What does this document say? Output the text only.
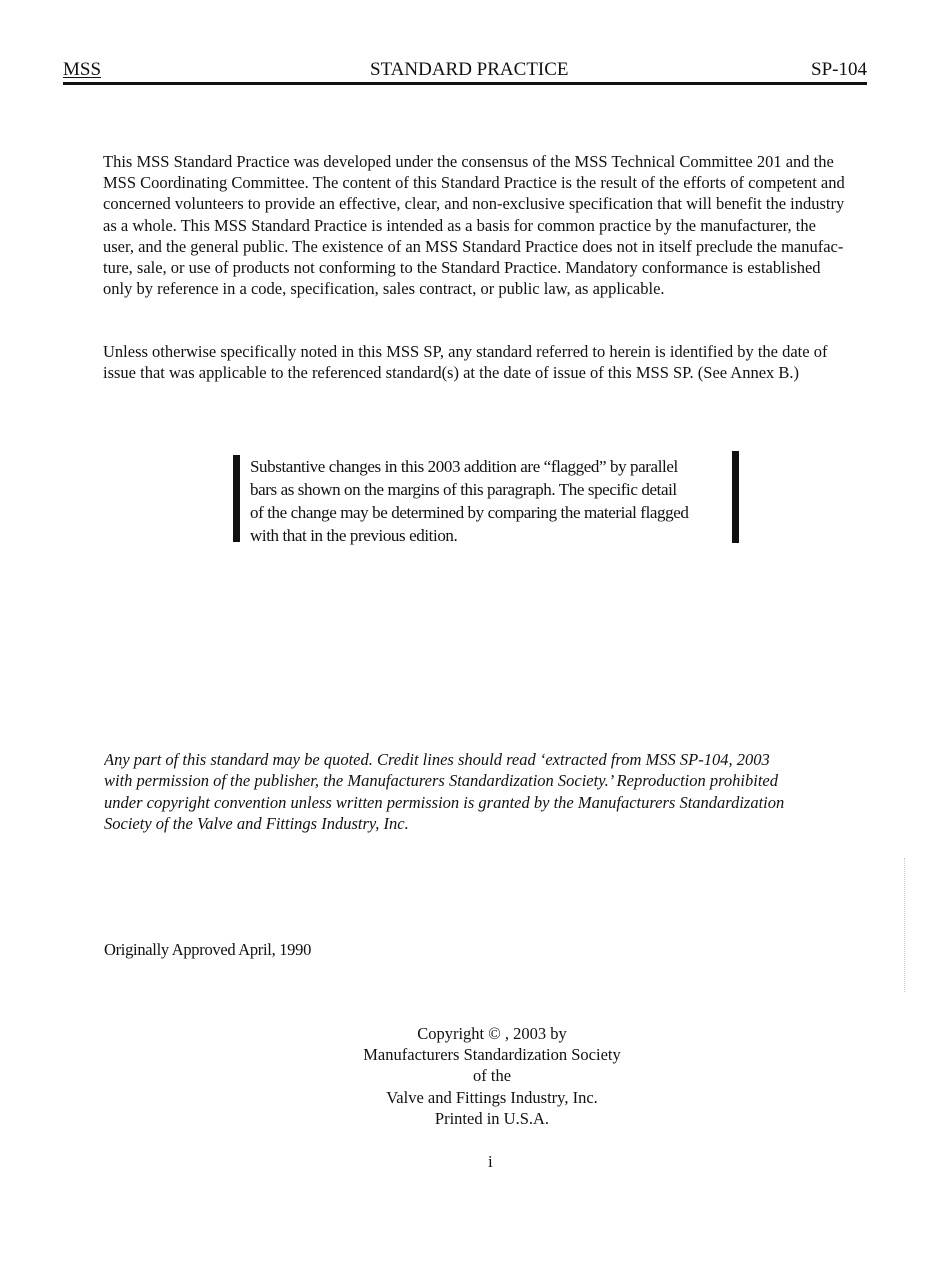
MSS	STANDARD PRACTICE	SP-104
This MSS Standard Practice was developed under the consensus of the MSS Technical Committee 201 and the
MSS Coordinating Committee. The content of this Standard Practice is the result of the efforts of competent and
concerned volunteers to provide an effective, clear, and non-exclusive specification that will benefit the industry
as a whole. This MSS Standard Practice is intended as a basis for common practice by the manufacturer, the
user, and the general public. The existence of an MSS Standard Practice does not in itself preclude the manufac-
ture, sale, or use of products not conforming to the Standard Practice. Mandatory conformance is established
only by reference in a code, specification, sales contract, or public law, as applicable.
Unless otherwise specifically noted in this MSS SP, any standard referred to herein is identified by the date of
issue that was applicable to the referenced standard(s) at the date of issue of this MSS SP. (See Annex B.)
Substantive changes in this 2003 addition are “flagged” by parallel
bars as shown on the margins of this paragraph. The specific detail
of the change may be determined by comparing the material flagged
with that in the previous edition.
Any part of this standard may be quoted. Credit lines should read ‘extracted from MSS SP-104, 2003
with permission of the publisher, the Manufacturers Standardization Society.’ Reproduction prohibited
under copyright convention unless written permission is granted by the Manufacturers Standardization
Society of the Valve and Fittings Industry, Inc.
Originally Approved April, 1990
Copyright © , 2003 by
Manufacturers Standardization Society
of the
Valve and Fittings Industry, Inc.
Printed in U.S.A.
i
